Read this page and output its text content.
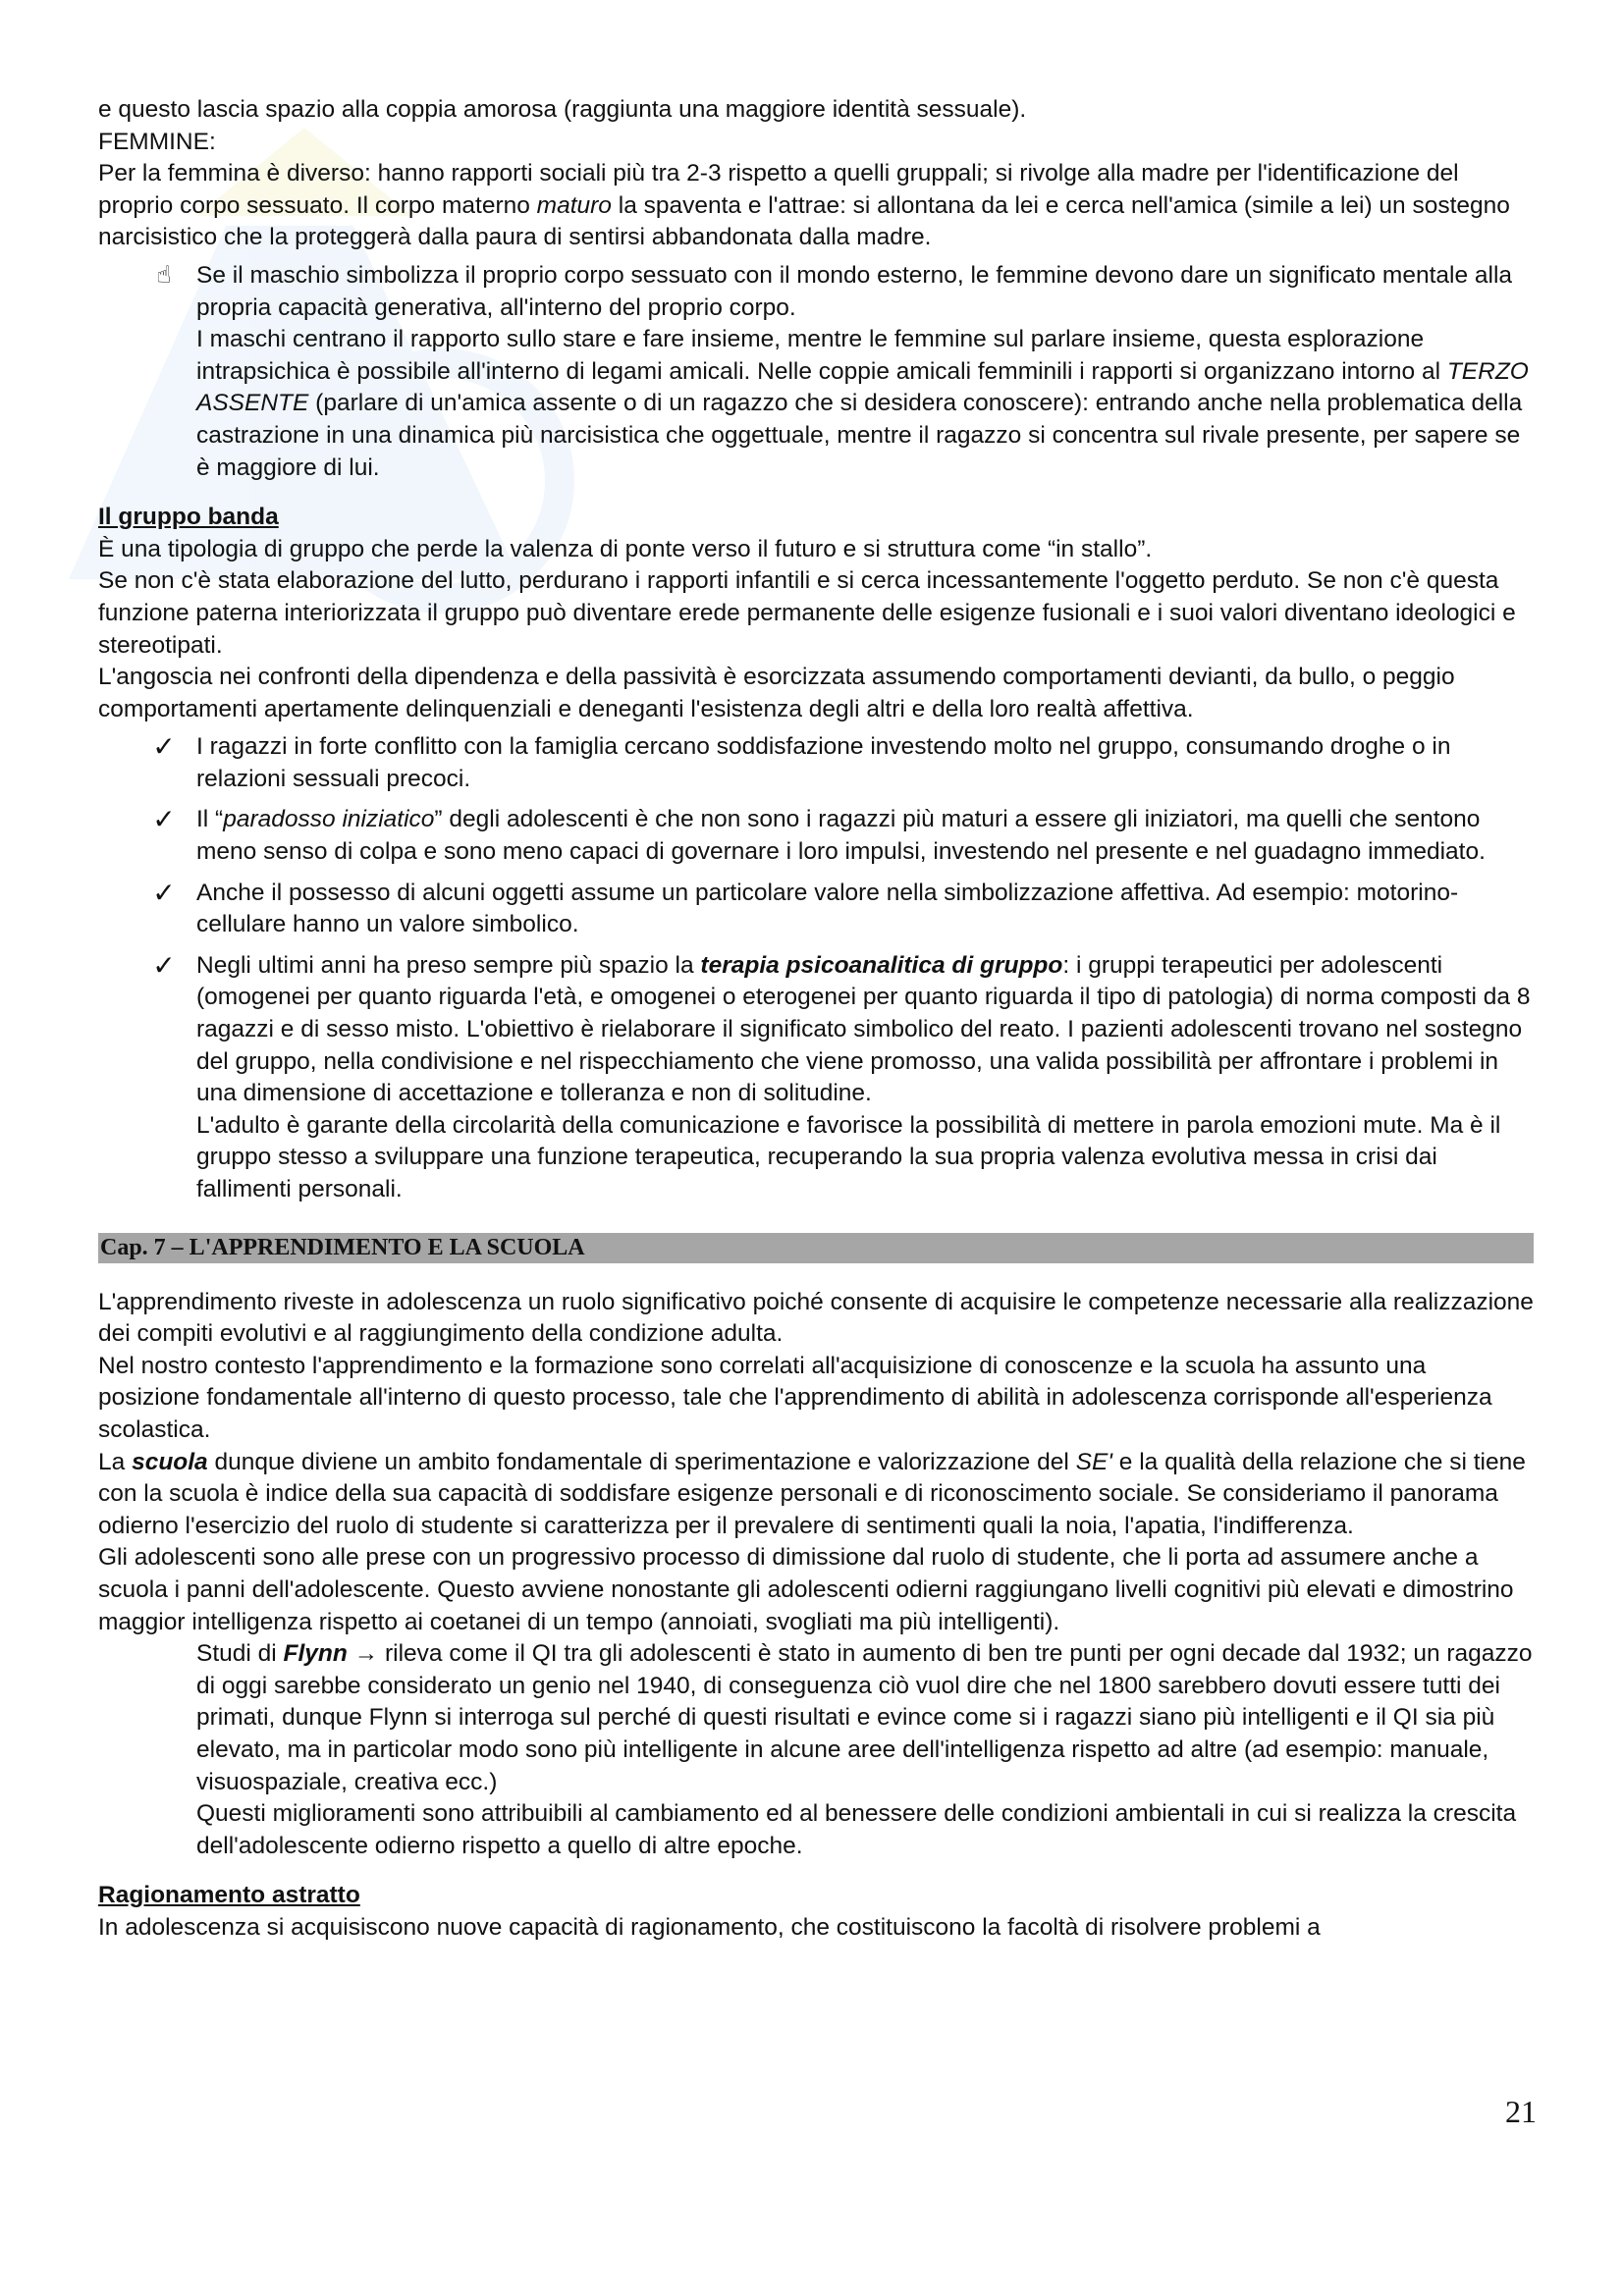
e questo lascia spazio alla coppia amorosa (raggiunta una maggiore identità sessuale).

FEMMINE:

Per la femmina è diverso: hanno rapporti sociali più tra 2-3 rispetto a quelli gruppali; si rivolge alla madre per l'identificazione del proprio corpo sessuato. Il corpo materno maturo la spaventa e l'attrae: si allontana da lei e cerca nell'amica (simile a lei) un sostegno narcisistico che la proteggerà dalla paura di sentirsi abbandonata dalla madre.

☝	Se il maschio simbolizza il proprio corpo sessuato con il mondo esterno, le femmine devono dare un significato mentale alla propria capacità generativa, all'interno del proprio corpo.

I maschi centrano il rapporto sullo stare e fare insieme, mentre le femmine sul parlare insieme, questa esplorazione intrapsichica è possibile all'interno di legami amicali. Nelle coppie amicali femminili i rapporti si organizzano intorno al TERZO ASSENTE (parlare di un'amica assente o di un ragazzo che si desidera conoscere): entrando anche nella problematica della castrazione in una dinamica più narcisistica che oggettuale, mentre il ragazzo si concentra sul rivale presente, per sapere se è maggiore di lui.

Il gruppo banda

È una tipologia di gruppo che perde la valenza di ponte verso il futuro e si struttura come “in stallo”.

Se non c'è stata elaborazione del lutto, perdurano i rapporti infantili e si cerca incessantemente l'oggetto perduto. Se non c'è questa funzione paterna interiorizzata il gruppo può diventare erede permanente delle esigenze fusionali e i suoi valori diventano ideologici e stereotipati.

L'angoscia nei confronti della dipendenza e della passività è esorcizzata assumendo comportamenti devianti, da bullo, o peggio comportamenti apertamente delinquenziali e deneganti l'esistenza degli altri e della loro realtà affettiva.

✓ I ragazzi in forte conflitto con la famiglia cercano soddisfazione investendo molto nel gruppo, consumando droghe o in relazioni sessuali precoci.

✓ Il “paradosso iniziatico” degli adolescenti è che non sono i ragazzi più maturi a essere gli iniziatori, ma quelli che sentono meno senso di colpa e sono meno capaci di governare i loro impulsi, investendo nel presente e nel guadagno immediato.

✓ Anche il possesso di alcuni oggetti assume un particolare valore nella simbolizzazione affettiva. Ad esempio: motorino-cellulare hanno un valore simbolico.

✓ Negli ultimi anni ha preso sempre più spazio la terapia psicoanalitica di gruppo: i gruppi terapeutici per adolescenti (omogenei per quanto riguarda l'età, e omogenei o eterogenei per quanto riguarda il tipo di patologia) di norma composti da 8 ragazzi e di sesso misto. L'obiettivo è rielaborare il significato simbolico del reato. I pazienti adolescenti trovano nel sostegno del gruppo, nella condivisione e nel rispecchiamento che viene promosso, una valida possibilità per affrontare i problemi in una dimensione di accettazione e tolleranza e non di solitudine.

L'adulto è garante della circolarità della comunicazione e favorisce la possibilità di mettere in parola emozioni mute. Ma è il gruppo stesso a sviluppare una funzione terapeutica, recuperando la sua propria valenza evolutiva messa in crisi dai fallimenti personali.

Cap. 7 – L'APPRENDIMENTO E LA SCUOLA

L'apprendimento riveste in adolescenza un ruolo significativo poiché consente di acquisire le competenze necessarie alla realizzazione dei compiti evolutivi e al raggiungimento della condizione adulta.

Nel nostro contesto l'apprendimento e la formazione sono correlati all'acquisizione di conoscenze e la scuola ha assunto una posizione fondamentale all'interno di questo processo, tale che l'apprendimento di abilità in adolescenza corrisponde all'esperienza scolastica.

La scuola dunque diviene un ambito fondamentale di sperimentazione e valorizzazione del SE' e la qualità della relazione che si tiene con la scuola è indice della sua capacità di soddisfare esigenze personali e di riconoscimento sociale. Se consideriamo il panorama odierno l'esercizio del ruolo di studente si caratterizza per il prevalere di sentimenti quali la noia, l'apatia, l'indifferenza.

Gli adolescenti sono alle prese con un progressivo processo di dimissione dal ruolo di studente, che li porta ad assumere anche a scuola i panni dell'adolescente. Questo avviene nonostante gli adolescenti odierni raggiungano livelli cognitivi più elevati e dimostrino maggior intelligenza rispetto ai coetanei di un tempo (annoiati, svogliati ma più intelligenti).

Studi di Flynn → rileva come il QI tra gli adolescenti è stato in aumento di ben tre punti per ogni decade dal 1932; un ragazzo di oggi sarebbe considerato un genio nel 1940, di conseguenza ciò vuol dire che nel 1800 sarebbero dovuti essere tutti dei primati, dunque Flynn si interroga sul perché di questi risultati e evince come si i ragazzi siano più intelligenti e il QI sia più elevato, ma in particolar modo sono più intelligente in alcune aree dell'intelligenza rispetto ad altre (ad esempio: manuale, visuospaziale, creativa ecc.)

Questi miglioramenti sono attribuibili al cambiamento ed al benessere delle condizioni ambientali in cui si realizza la crescita dell'adolescente odierno rispetto a quello di altre epoche.

Ragionamento astratto

In adolescenza si acquisiscono nuove capacità di ragionamento, che costituiscono la facoltà di risolvere problemi a

21
